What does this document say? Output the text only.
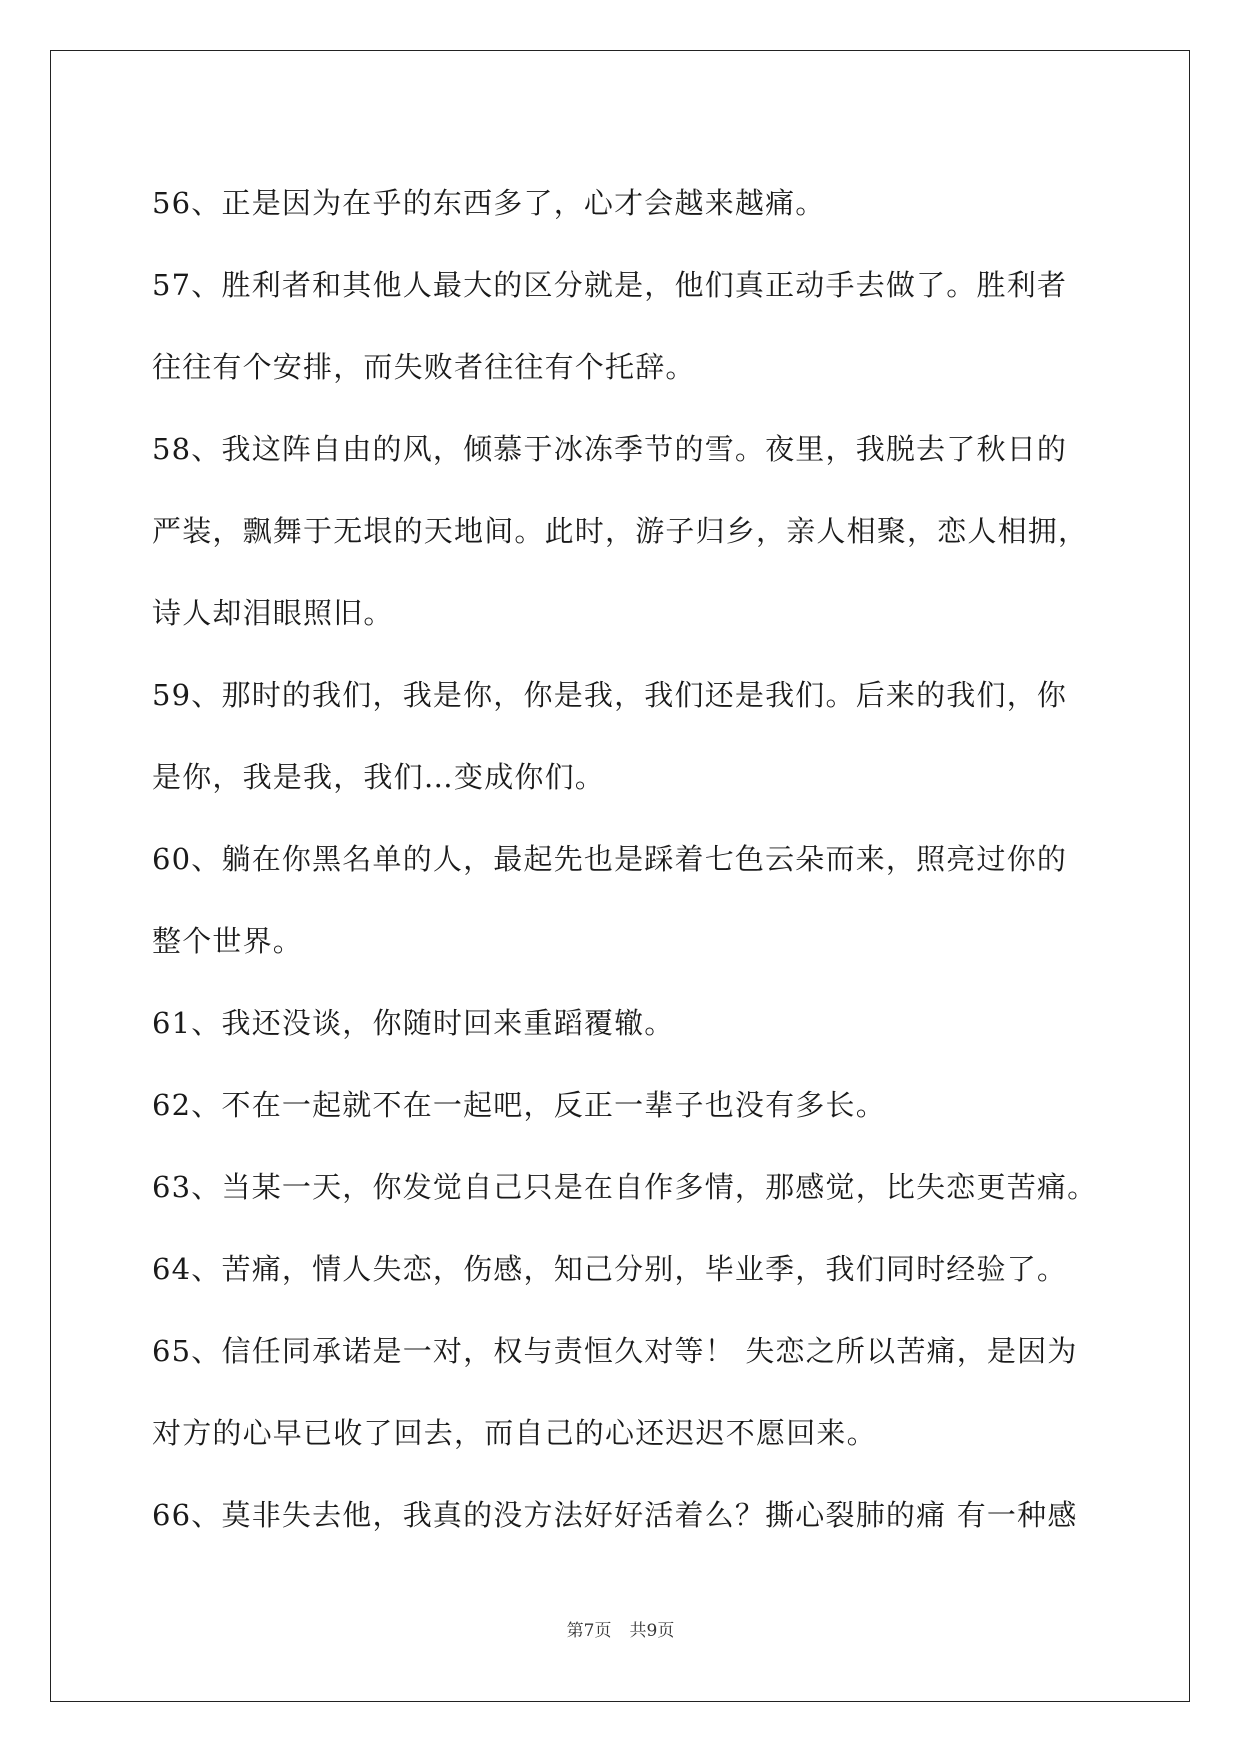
56、正是因为在乎的东西多了，心才会越来越痛。

57、胜利者和其他人最大的区分就是，他们真正动手去做了。胜利者

往往有个安排，而失败者往往有个托辞。

58、我这阵自由的风，倾慕于冰冻季节的雪。夜里，我脱去了秋日的

严装，飘舞于无垠的天地间。此时，游子归乡，亲人相聚，恋人相拥，

诗人却泪眼照旧。

59、那时的我们，我是你，你是我，我们还是我们。后来的我们，你

是你，我是我，我们…变成你们。

60、躺在你黑名单的人，最起先也是踩着七色云朵而来，照亮过你的

整个世界。

61、我还没谈，你随时回来重蹈覆辙。

62、不在一起就不在一起吧，反正一辈子也没有多长。

63、当某一天，你发觉自己只是在自作多情，那感觉，比失恋更苦痛。

64、苦痛，情人失恋，伤感，知己分别，毕业季，我们同时经验了。

65、信任同承诺是一对，权与责恒久对等！ 失恋之所以苦痛，是因为

对方的心早已收了回去，而自己的心还迟迟不愿回来。

66、莫非失去他，我真的没方法好好活着么？撕心裂肺的痛 有一种感

第7页 共9页
